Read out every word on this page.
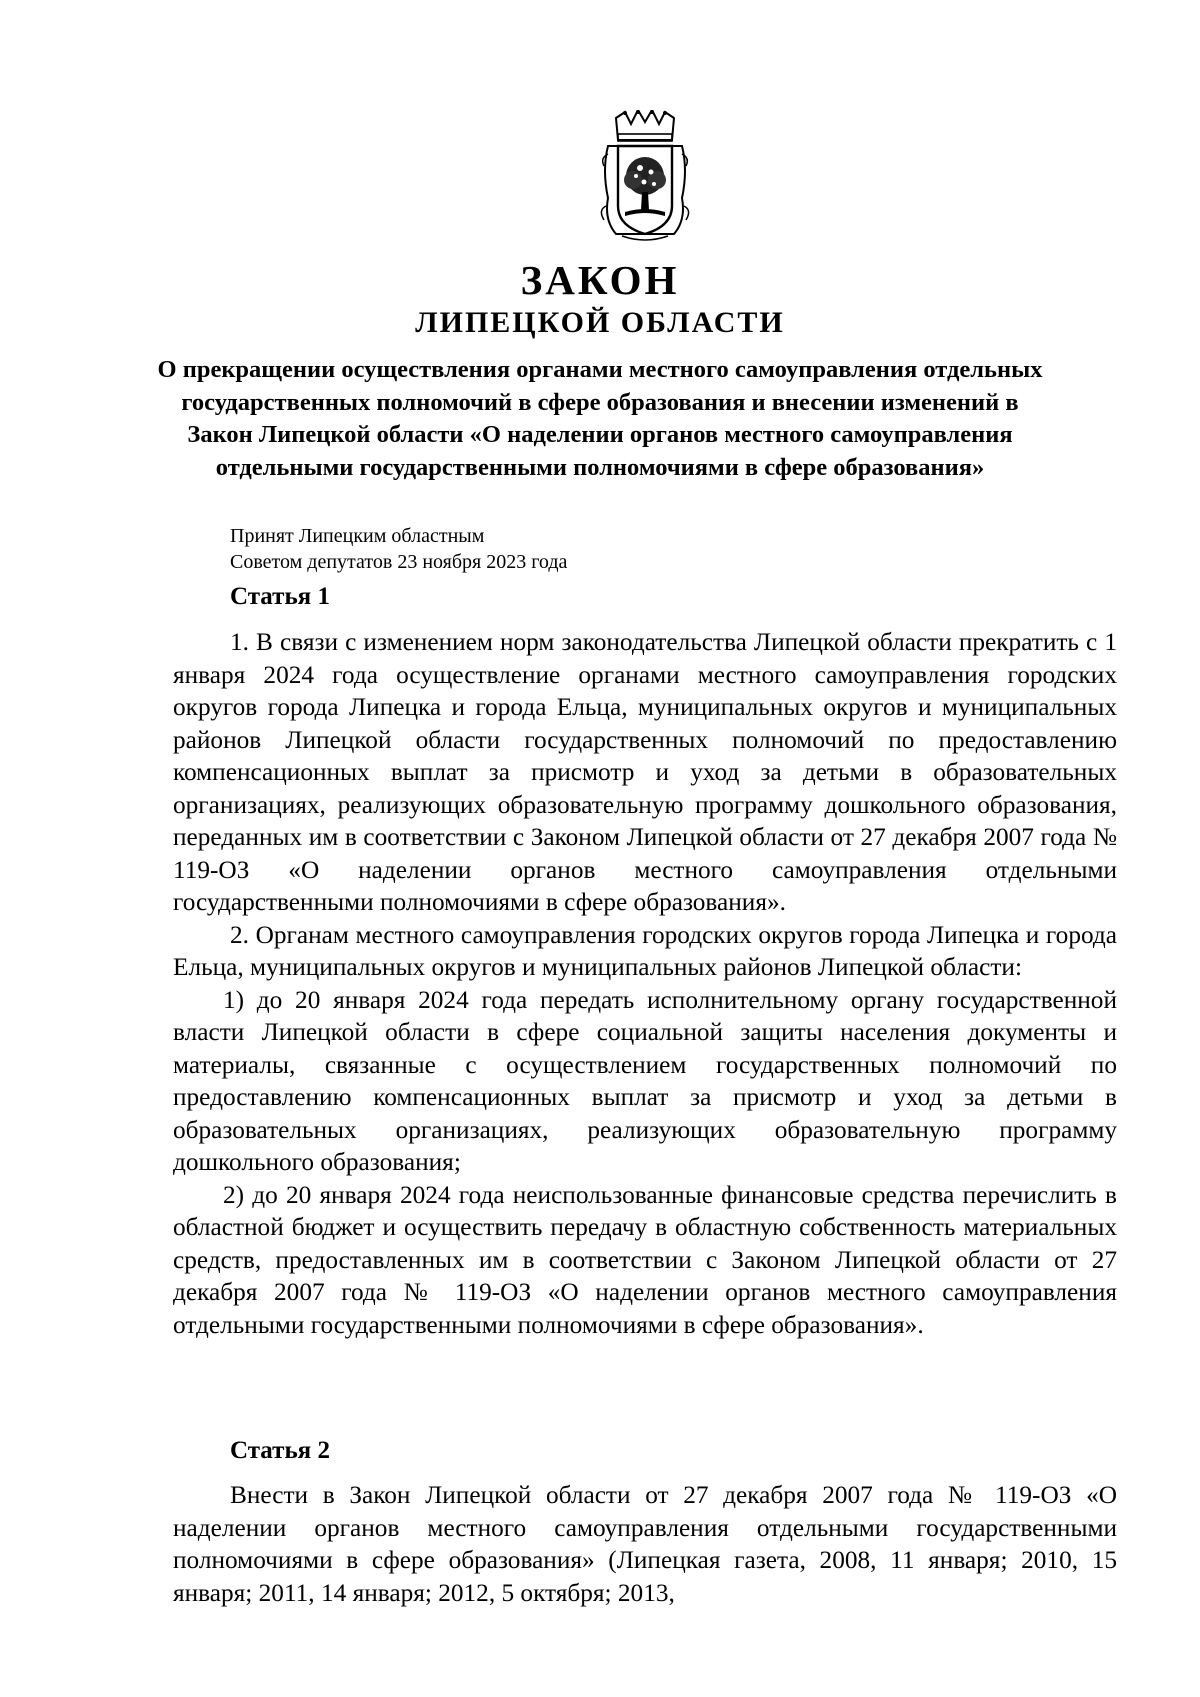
ЗАКОН
ЛИПЕЦКОЙ ОБЛАСТИ
О прекращении осуществления органами местного самоуправления отдельных государственных полномочий в сфере образования и внесении изменений в Закон Липецкой области «О наделении органов местного самоуправления отдельными государственными полномочиями в сфере образования»
Принят Липецким областным
Советом депутатов 23 ноября 2023 года
Статья 1

1. В связи с изменением норм законодательства Липецкой области прекратить с 1 января 2024 года осуществление органами местного самоуправления городских округов города Липецка и города Ельца, муниципальных округов и муниципальных районов Липецкой области государственных полномочий по предоставлению компенсационных выплат за присмотр и уход за детьми в образовательных организациях, реализующих образовательную программу дошкольного образования, переданных им в соответствии с Законом Липецкой области от 27 декабря 2007 года № 119-ОЗ «О наделении органов местного самоуправления отдельными государственными полномочиями в сфере образования».

2. Органам местного самоуправления городских округов города Липецка и города Ельца, муниципальных округов и муниципальных районов Липецкой области:

1) до 20 января 2024 года передать исполнительному органу государственной власти Липецкой области в сфере социальной защиты населения документы и материалы, связанные с осуществлением государственных полномочий по предоставлению компенсационных выплат за присмотр и уход за детьми в образовательных организациях, реализующих образовательную программу дошкольного образования;

2) до 20 января 2024 года неиспользованные финансовые средства перечислить в областной бюджет и осуществить передачу в областную собственность материальных средств, предоставленных им в соответствии с Законом Липецкой области от 27 декабря 2007 года № 119-ОЗ «О наделении органов местного самоуправления отдельными государственными полномочиями в сфере образования».

Статья 2

Внести в Закон Липецкой области от 27 декабря 2007 года № 119-ОЗ «О наделении органов местного самоуправления отдельными государственными полномочиями в сфере образования» (Липецкая газета, 2008, 11 января; 2010, 15 января; 2011, 14 января; 2012, 5 октября; 2013,
